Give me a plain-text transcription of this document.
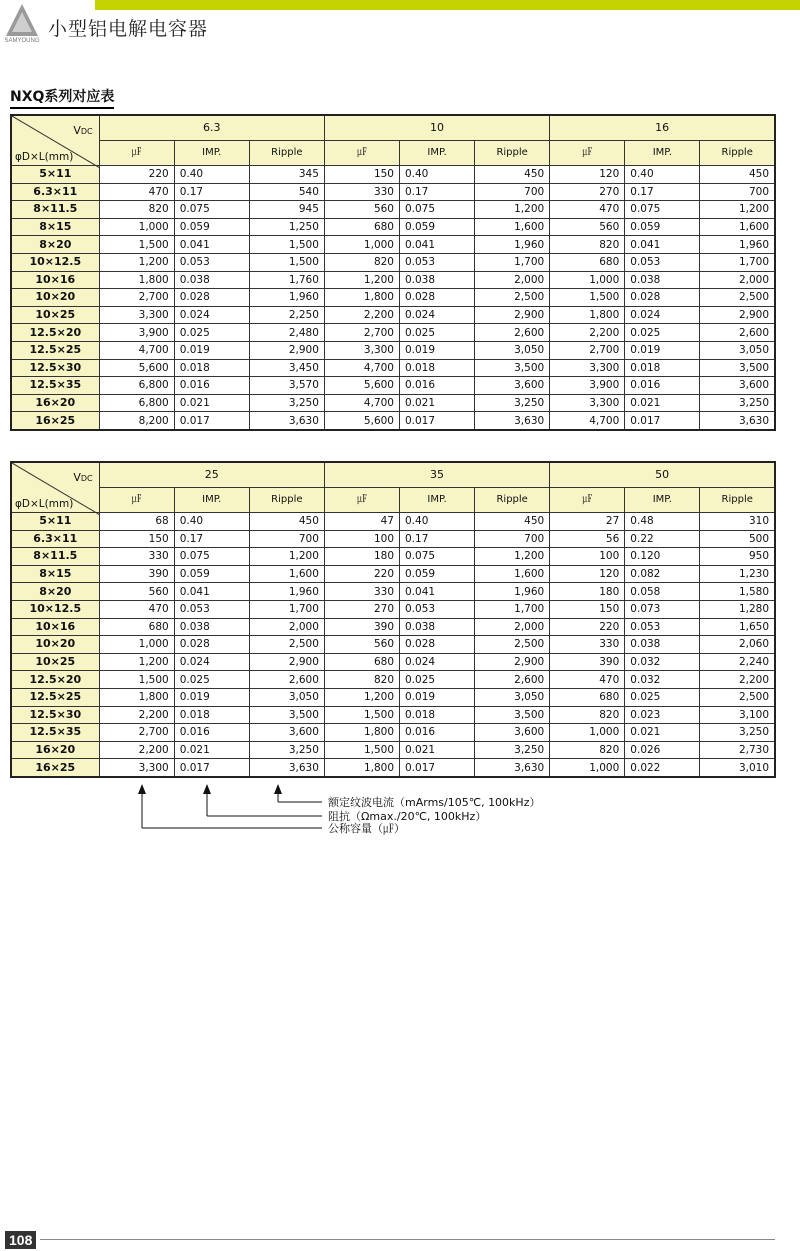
SAMYOUNG
小型铝电解电容器
NXQ系列对应表
VDC
φD×L(mm)	6.3			10			16		
	㎌	IMP.	Ripple	㎌	IMP.	Ripple	㎌	IMP.	Ripple
5×11	220	0.40	345	150	0.40	450	120	0.40	450
6.3×11	470	0.17	540	330	0.17	700	270	0.17	700
8×11.5	820	0.075	945	560	0.075	1,200	470	0.075	1,200
8×15	1,000	0.059	1,250	680	0.059	1,600	560	0.059	1,600
8×20	1,500	0.041	1,500	1,000	0.041	1,960	820	0.041	1,960
10×12.5	1,200	0.053	1,500	820	0.053	1,700	680	0.053	1,700
10×16	1,800	0.038	1,760	1,200	0.038	2,000	1,000	0.038	2,000
10×20	2,700	0.028	1,960	1,800	0.028	2,500	1,500	0.028	2,500
10×25	3,300	0.024	2,250	2,200	0.024	2,900	1,800	0.024	2,900
12.5×20	3,900	0.025	2,480	2,700	0.025	2,600	2,200	0.025	2,600
12.5×25	4,700	0.019	2,900	3,300	0.019	3,050	2,700	0.019	3,050
12.5×30	5,600	0.018	3,450	4,700	0.018	3,500	3,300	0.018	3,500
12.5×35	6,800	0.016	3,570	5,600	0.016	3,600	3,900	0.016	3,600
16×20	6,800	0.021	3,250	4,700	0.021	3,250	3,300	0.021	3,250
16×25	8,200	0.017	3,630	5,600	0.017	3,630	4,700	0.017	3,630
VDC
φD×L(mm)	25			35			50		
	㎌	IMP.	Ripple	㎌	IMP.	Ripple	㎌	IMP.	Ripple
5×11	68	0.40	450	47	0.40	450	27	0.48	310
6.3×11	150	0.17	700	100	0.17	700	56	0.22	500
8×11.5	330	0.075	1,200	180	0.075	1,200	100	0.120	950
8×15	390	0.059	1,600	220	0.059	1,600	120	0.082	1,230
8×20	560	0.041	1,960	330	0.041	1,960	180	0.058	1,580
10×12.5	470	0.053	1,700	270	0.053	1,700	150	0.073	1,280
10×16	680	0.038	2,000	390	0.038	2,000	220	0.053	1,650
10×20	1,000	0.028	2,500	560	0.028	2,500	330	0.038	2,060
10×25	1,200	0.024	2,900	680	0.024	2,900	390	0.032	2,240
12.5×20	1,500	0.025	2,600	820	0.025	2,600	470	0.032	2,200
12.5×25	1,800	0.019	3,050	1,200	0.019	3,050	680	0.025	2,500
12.5×30	2,200	0.018	3,500	1,500	0.018	3,500	820	0.023	3,100
12.5×35	2,700	0.016	3,600	1,800	0.016	3,600	1,000	0.021	3,250
16×20	2,200	0.021	3,250	1,500	0.021	3,250	820	0.026	2,730
16×25	3,300	0.017	3,630	1,800	0.017	3,630	1,000	0.022	3,010
额定纹波电流（mArms/105℃, 100kHz）
阻抗（Ωmax./20℃, 100kHz）
公称容量（㎌）
108
